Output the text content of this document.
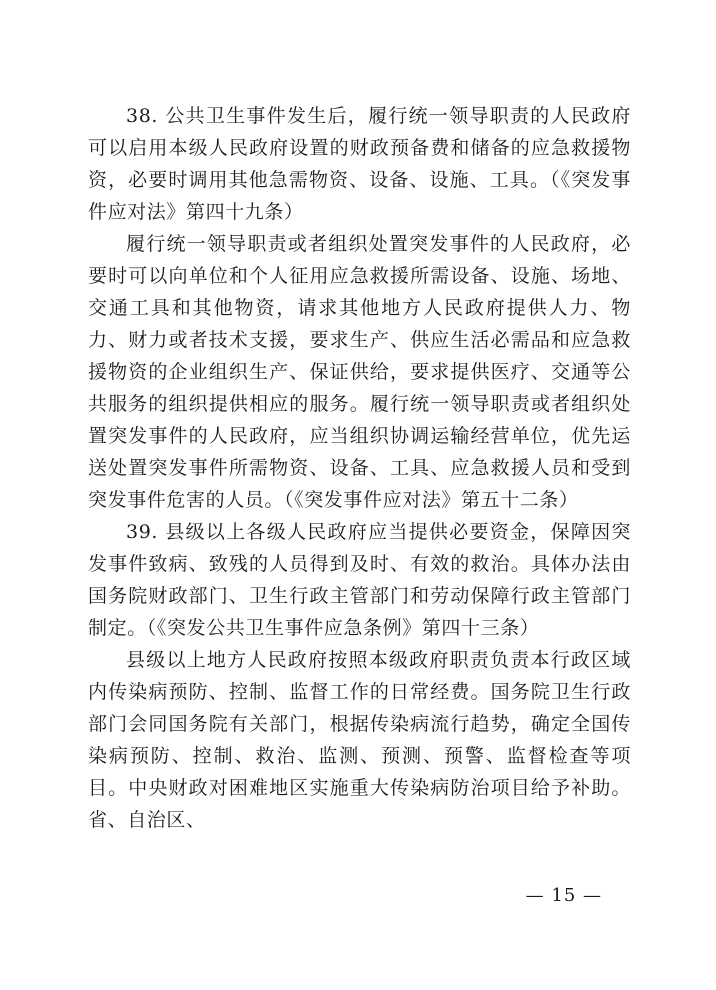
38. 公共卫生事件发生后，履行统一领导职责的人民政府可以启用本级人民政府设置的财政预备费和储备的应急救援物资，必要时调用其他急需物资、设备、设施、工具。（《突发事件应对法》第四十九条）

履行统一领导职责或者组织处置突发事件的人民政府，必要时可以向单位和个人征用应急救援所需设备、设施、场地、交通工具和其他物资，请求其他地方人民政府提供人力、物力、财力或者技术支援，要求生产、供应生活必需品和应急救援物资的企业组织生产、保证供给，要求提供医疗、交通等公共服务的组织提供相应的服务。履行统一领导职责或者组织处置突发事件的人民政府，应当组织协调运输经营单位，优先运送处置突发事件所需物资、设备、工具、应急救援人员和受到突发事件危害的人员。（《突发事件应对法》第五十二条）

39. 县级以上各级人民政府应当提供必要资金，保障因突发事件致病、致残的人员得到及时、有效的救治。具体办法由国务院财政部门、卫生行政主管部门和劳动保障行政主管部门制定。（《突发公共卫生事件应急条例》第四十三条）

县级以上地方人民政府按照本级政府职责负责本行政区域内传染病预防、控制、监督工作的日常经费。国务院卫生行政部门会同国务院有关部门，根据传染病流行趋势，确定全国传染病预防、控制、救治、监测、预测、预警、监督检查等项目。中央财政对困难地区实施重大传染病防治项目给予补助。省、自治区、

— 15 —
